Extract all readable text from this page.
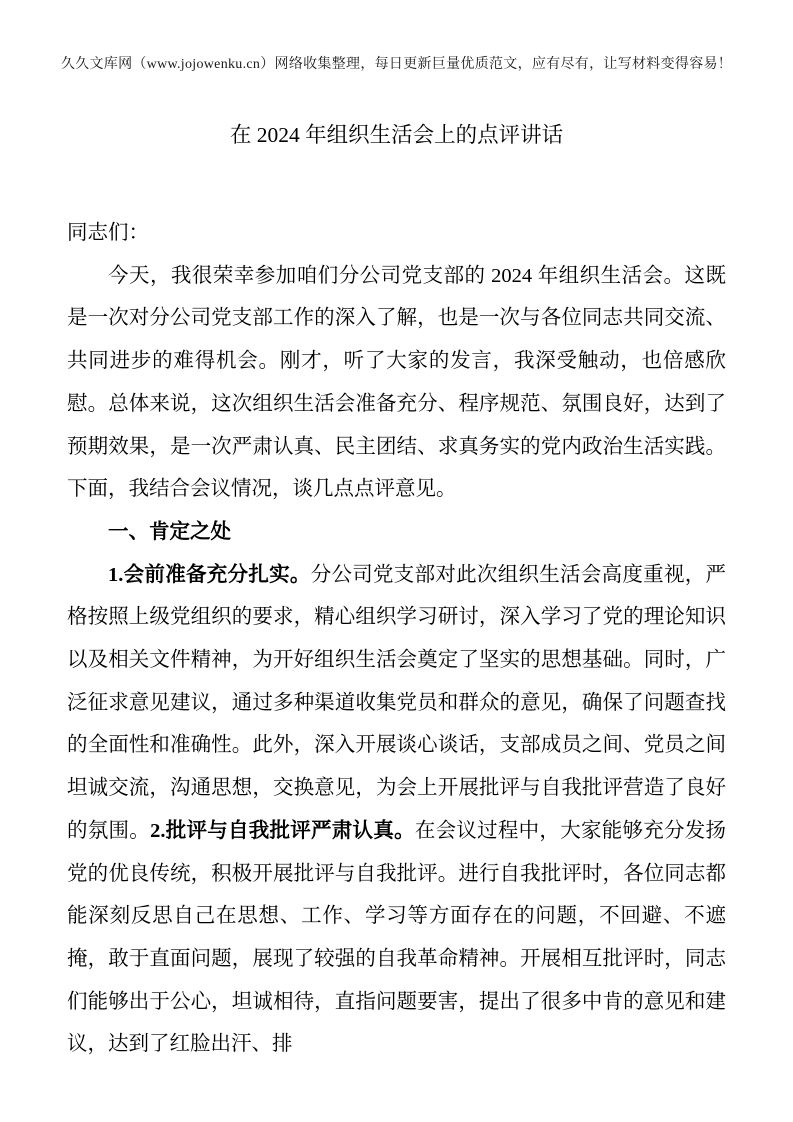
久久文库网（www.jojowenku.cn）网络收集整理，每日更新巨量优质范文，应有尽有，让写材料变得容易！
在 2024 年组织生活会上的点评讲话

同志们：

今天，我很荣幸参加咱们分公司党支部的 2024 年组织生活会。这既是一次对分公司党支部工作的深入了解，也是一次与各位同志共同交流、共同进步的难得机会。刚才，听了大家的发言，我深受触动，也倍感欣慰。总体来说，这次组织生活会准备充分、程序规范、氛围良好，达到了预期效果，是一次严肃认真、民主团结、求真务实的党内政治生活实践。下面，我结合会议情况，谈几点点评意见。

一、肯定之处

1.会前准备充分扎实。分公司党支部对此次组织生活会高度重视，严格按照上级党组织的要求，精心组织学习研讨，深入学习了党的理论知识以及相关文件精神，为开好组织生活会奠定了坚实的思想基础。同时，广泛征求意见建议，通过多种渠道收集党员和群众的意见，确保了问题查找的全面性和准确性。此外，深入开展谈心谈话，支部成员之间、党员之间坦诚交流，沟通思想，交换意见，为会上开展批评与自我批评营造了良好的氛围。2.批评与自我批评严肃认真。在会议过程中，大家能够充分发扬党的优良传统，积极开展批评与自我批评。进行自我批评时，各位同志都能深刻反思自己在思想、工作、学习等方面存在的问题，不回避、不遮掩，敢于直面问题，展现了较强的自我革命精神。开展相互批评时，同志们能够出于公心，坦诚相待，直指问题要害，提出了很多中肯的意见和建议，达到了红脸出汗、排
